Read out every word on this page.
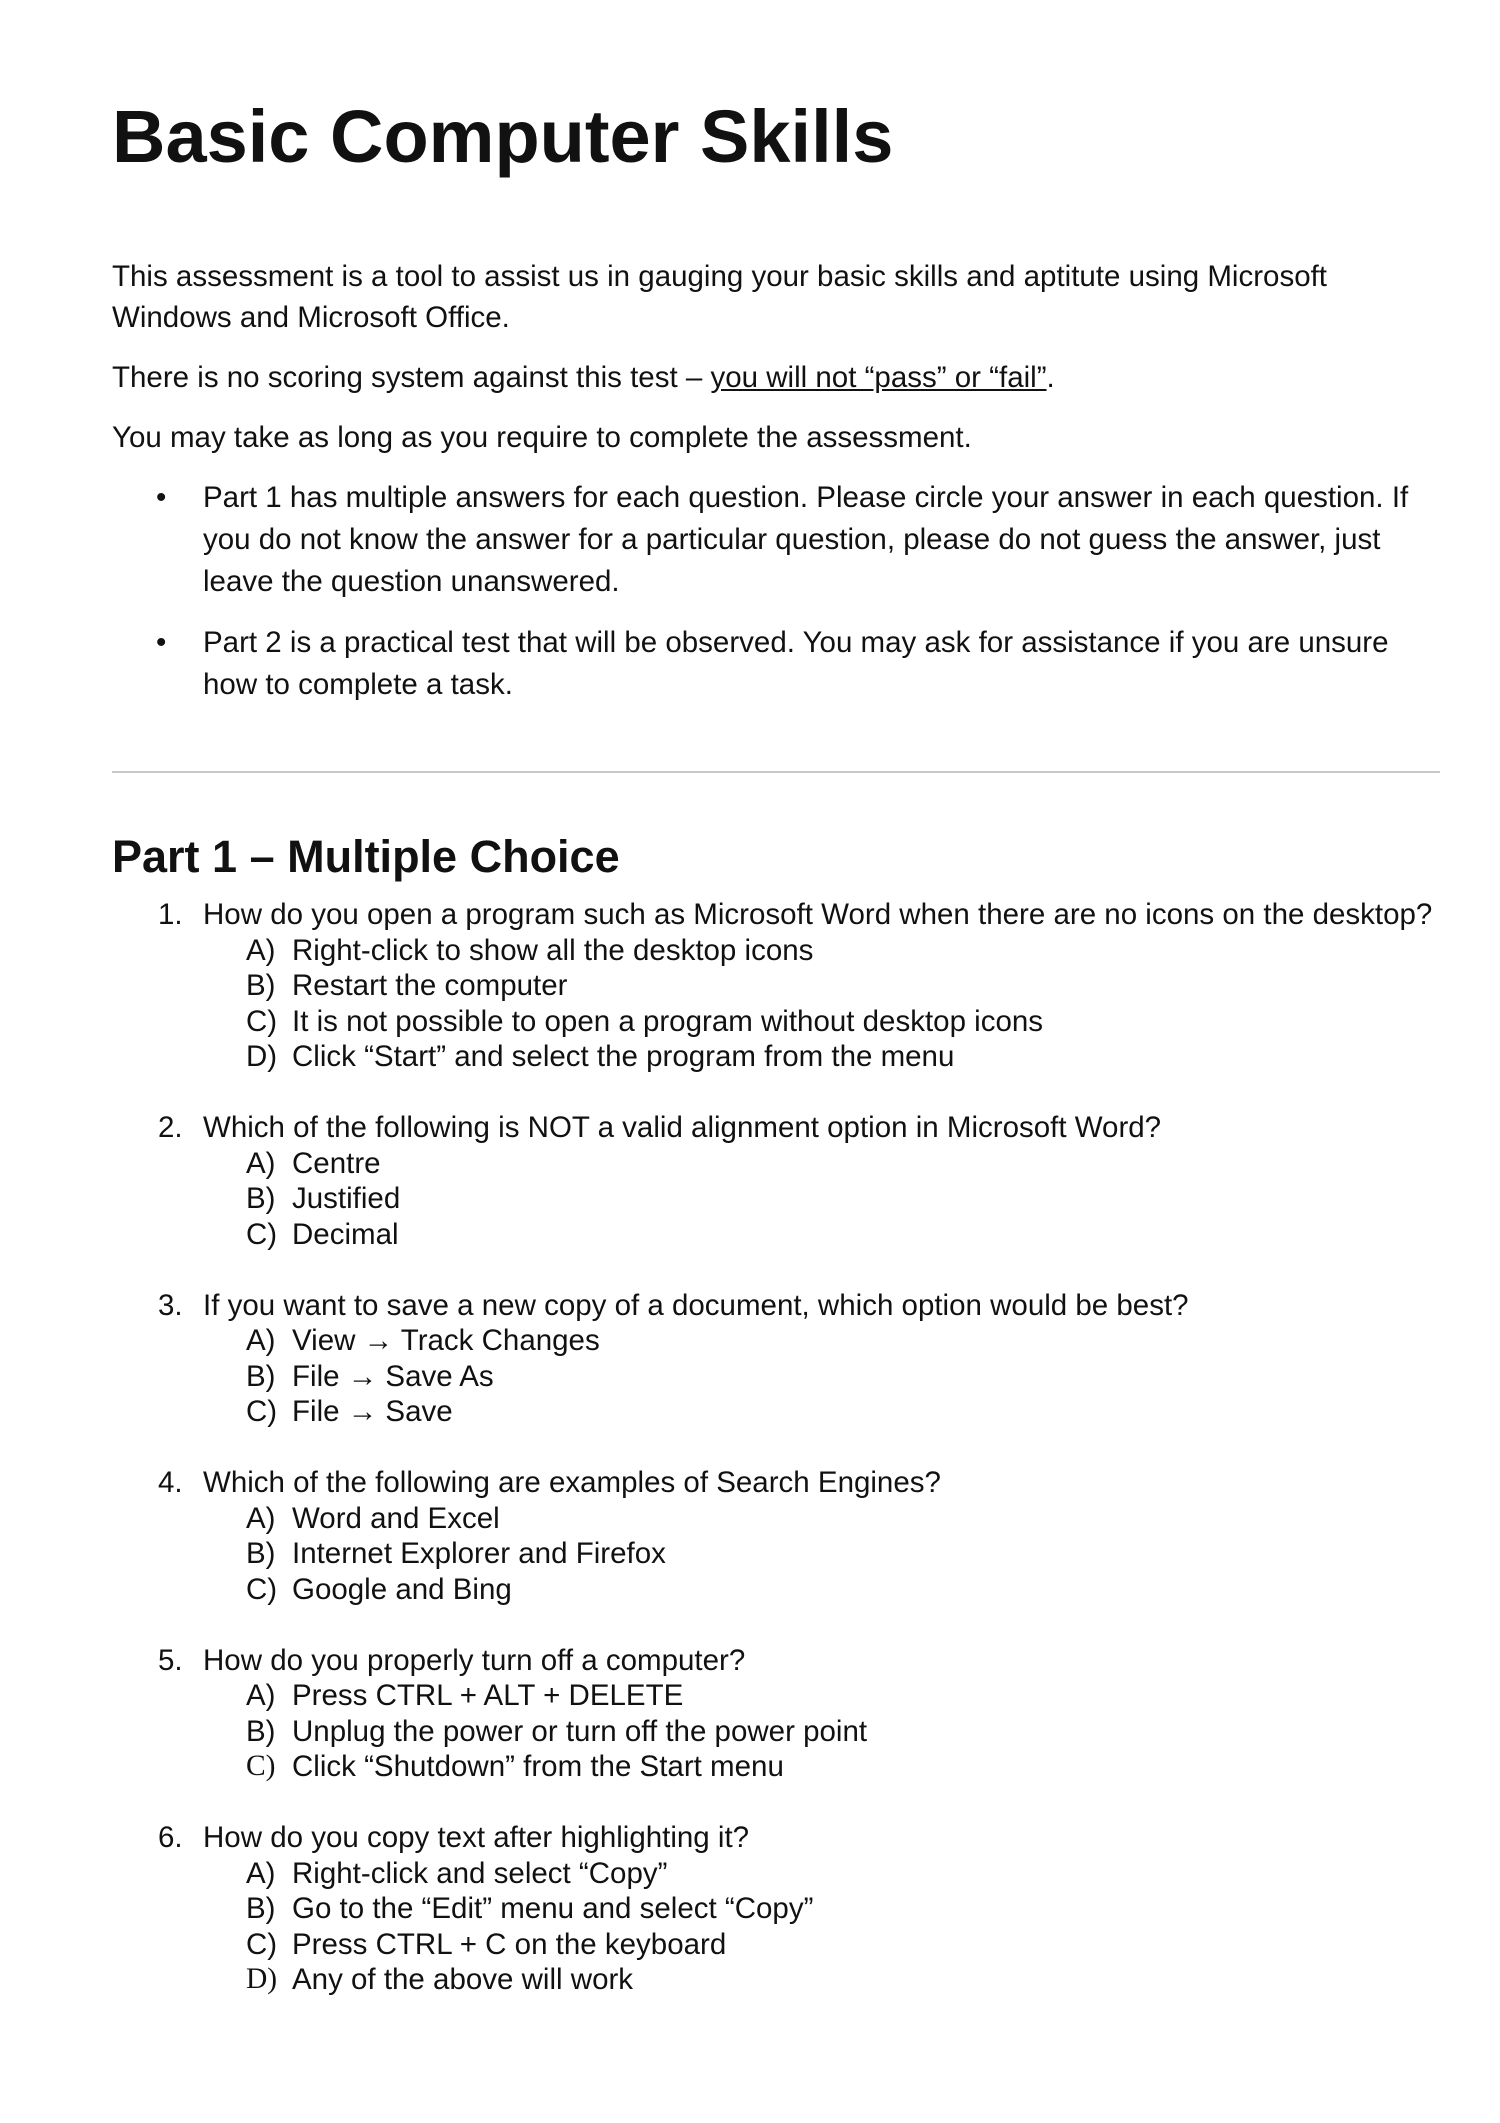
Basic Computer Skills

This assessment is a tool to assist us in gauging your basic skills and aptitute using Microsoft Windows and Microsoft Office.

There is no scoring system against this test – you will not “pass” or “fail”.

You may take as long as you require to complete the assessment.

• Part 1 has multiple answers for each question. Please circle your answer in each question. If you do not know the answer for a particular question, please do not guess the answer, just leave the question unanswered.
• Part 2 is a practical test that will be observed. You may ask for assistance if you are unsure how to complete a task.
Part 1 – Multiple Choice
1. How do you open a program such as Microsoft Word when there are no icons on the desktop?
A) Right-click to show all the desktop icons
B) Restart the computer
C) It is not possible to open a program without desktop icons
D) Click “Start” and select the program from the menu
2. Which of the following is NOT a valid alignment option in Microsoft Word?
A) Centre
B) Justified
C) Decimal
3. If you want to save a new copy of a document, which option would be best?
A) View → Track Changes
B) File → Save As
C) File → Save
4. Which of the following are examples of Search Engines?
A) Word and Excel
B) Internet Explorer and Firefox
C) Google and Bing
5. How do you properly turn off a computer?
A) Press CTRL + ALT + DELETE
B) Unplug the power or turn off the power point
C) Click “Shutdown” from the Start menu
6. How do you copy text after highlighting it?
A) Right-click and select “Copy”
B) Go to the “Edit” menu and select “Copy”
C) Press CTRL + C on the keyboard
D) Any of the above will work
